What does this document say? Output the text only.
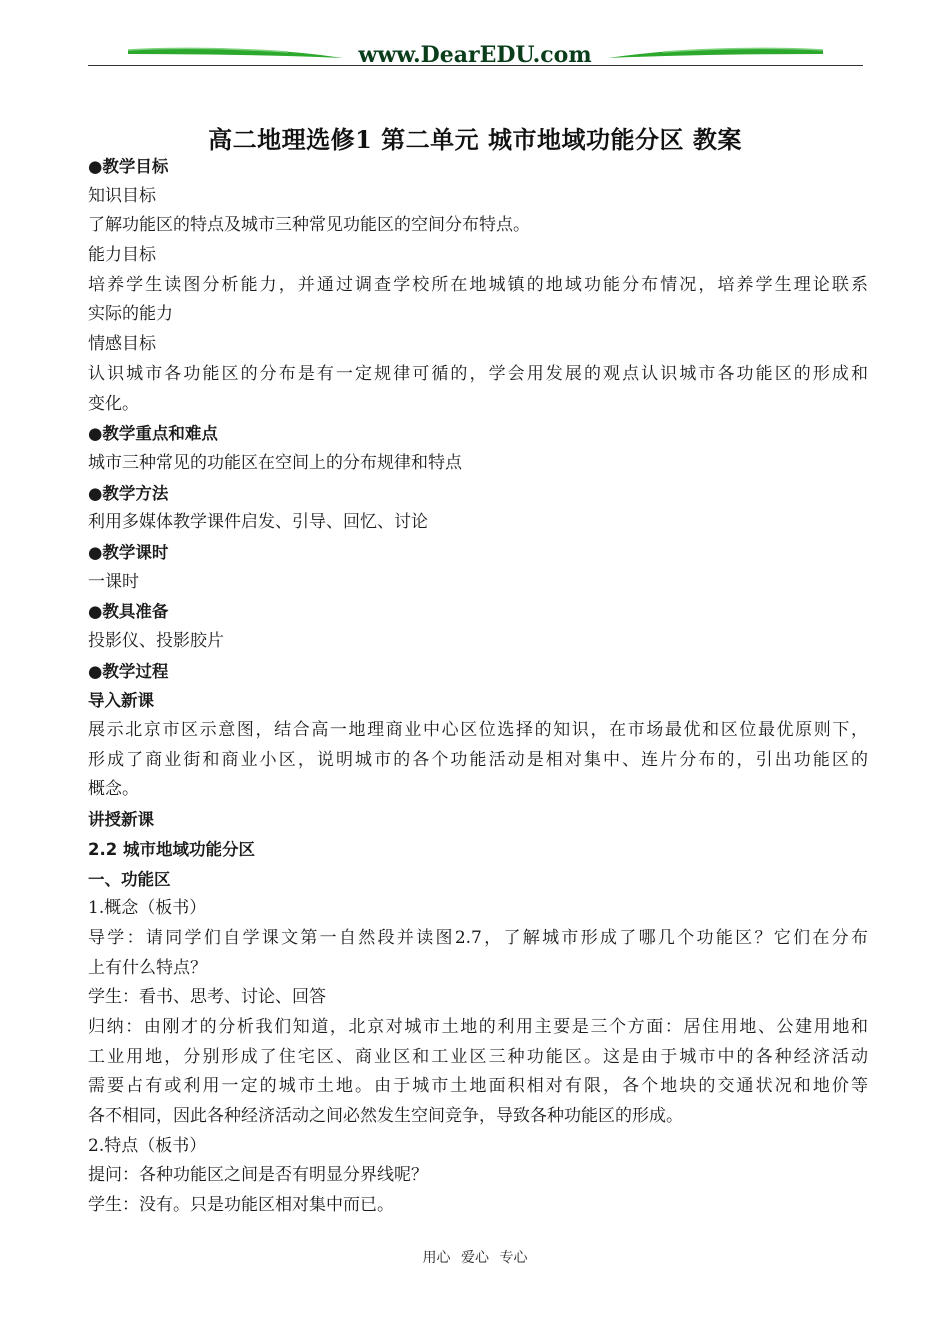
www.DearEDU.com
高二地理选修1 第二单元 城市地域功能分区 教案
●教学目标
知识目标
了解功能区的特点及城市三种常见功能区的空间分布特点。
能力目标
培养学生读图分析能力，并通过调查学校所在地城镇的地域功能分布情况，培养学生理论联系
实际的能力
情感目标
认识城市各功能区的分布是有一定规律可循的，学会用发展的观点认识城市各功能区的形成和
变化。
●教学重点和难点
城市三种常见的功能区在空间上的分布规律和特点
●教学方法
利用多媒体教学课件启发、引导、回忆、讨论
●教学课时
一课时
●教具准备
投影仪、投影胶片
●教学过程
导入新课
展示北京市区示意图，结合高一地理商业中心区位选择的知识，在市场最优和区位最优原则下，
形成了商业街和商业小区，说明城市的各个功能活动是相对集中、连片分布的，引出功能区的
概念。
讲授新课
2.2 城市地域功能分区
一、功能区
1.概念（板书）
导学：请同学们自学课文第一自然段并读图2.7，了解城市形成了哪几个功能区？它们在分布
上有什么特点？
学生：看书、思考、讨论、回答
归纳：由刚才的分析我们知道，北京对城市土地的利用主要是三个方面：居住用地、公建用地和
工业用地，分别形成了住宅区、商业区和工业区三种功能区。这是由于城市中的各种经济活动
需要占有或利用一定的城市土地。由于城市土地面积相对有限，各个地块的交通状况和地价等
各不相同，因此各种经济活动之间必然发生空间竞争，导致各种功能区的形成。
2.特点（板书）
提问：各种功能区之间是否有明显分界线呢？
学生：没有。只是功能区相对集中而已。
用心 爱心 专心
